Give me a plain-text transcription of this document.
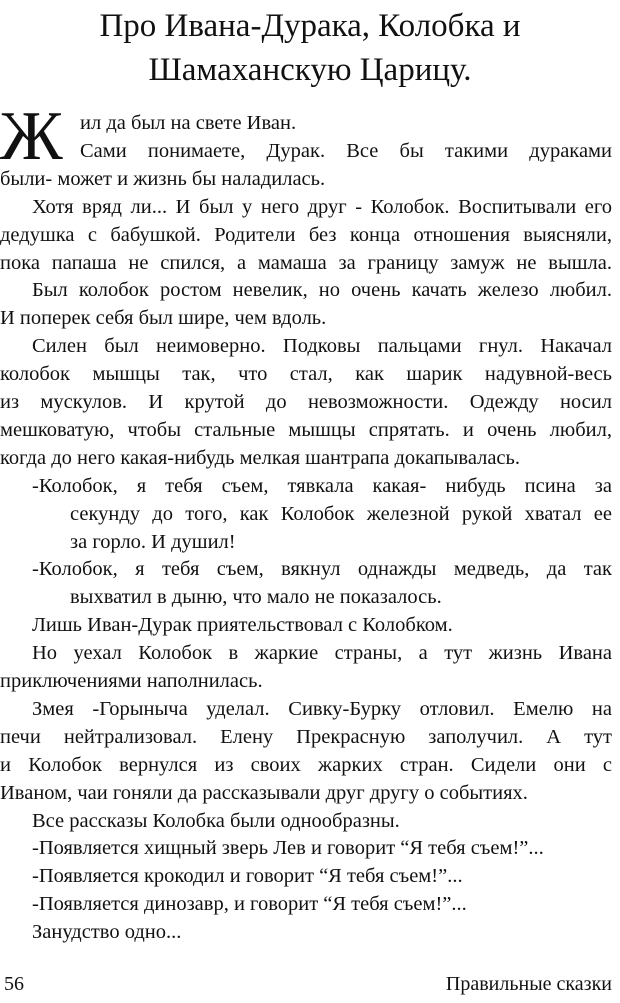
Про Ивана-Дурака, Колобка и
Шамаханскую Царицу.
Ж ил да был на свете Иван.
Сами понимаете, Дурак. Все бы такими дураками
были- может и жизнь бы наладилась.
Хотя вряд ли... И был у него друг - Колобок. Воспитывали его
дедушка с бабушкой. Родители без конца отношения выясняли,
пока папаша не спился, а мамаша за границу замуж не вышла.
Был колобок ростом невелик, но очень качать железо любил.
И поперек себя был шире, чем вдоль.
Силен был неимоверно. Подковы пальцами гнул. Накачал
колобок мышцы так, что стал, как шарик надувной-весь
из мускулов. И крутой до невозможности. Одежду носил
мешковатую, чтобы стальные мышцы спрятать. и очень любил,
когда до него какая-нибудь мелкая шантрапа докапывалась.
-Колобок, я тебя съем, тявкала какая- нибудь псина за
секунду до того, как Колобок железной рукой хватал ее
за горло. И душил!
-Колобок, я тебя съем, вякнул однажды медведь, да так
выхватил в дыню, что мало не показалось.
Лишь Иван-Дурак приятельствовал с Колобком.
Но уехал Колобок в жаркие страны, а тут жизнь Ивана
приключениями наполнилась.
Змея -Горыныча уделал. Сивку-Бурку отловил. Емелю на
печи нейтрализовал. Елену Прекрасную заполучил. А тут
и Колобок вернулся из своих жарких стран. Сидели они с
Иваном, чаи гоняли да рассказывали друг другу о событиях.
Все рассказы Колобка были однообразны.
-Появляется хищный зверь Лев и говорит “Я тебя съем!”...
-Появляется крокодил и говорит “Я тебя съем!”...
-Появляется динозавр, и говорит “Я тебя съем!”...
Занудство одно...
56	Правильные сказки
